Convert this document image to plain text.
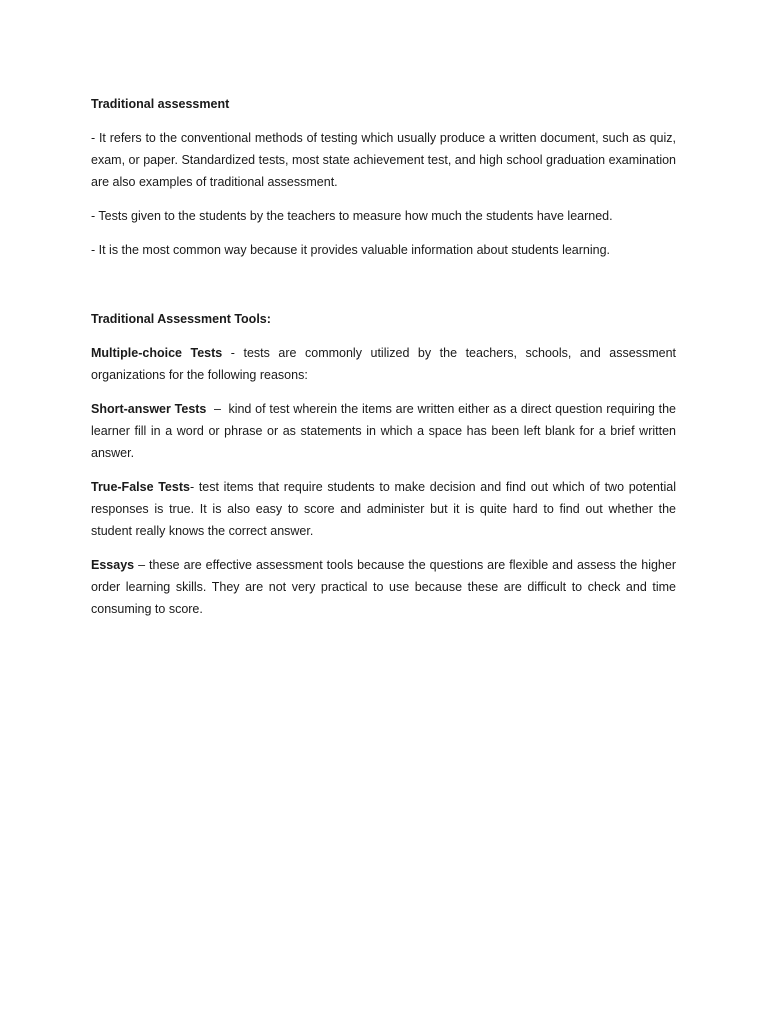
Traditional assessment

- It refers to the conventional methods of testing which usually produce a written document, such as quiz, exam, or paper. Standardized tests, most state achievement test, and high school graduation examination are also examples of traditional assessment.

- Tests given to the students by the teachers to measure how much the students have learned.

- It is the most common way because it provides valuable information about students learning.

Traditional Assessment Tools:

Multiple-choice Tests - tests are commonly utilized by the teachers, schools, and assessment organizations for the following reasons:

Short-answer Tests  –  kind of test wherein the items are written either as a direct question requiring the learner fill in a word or phrase or as statements in which a space has been left blank for a brief written answer.

True-False Tests- test items that require students to make decision and find out which of two potential responses is true. It is also easy to score and administer but it is quite hard to find out whether the student really knows the correct answer.

Essays – these are effective assessment tools because the questions are flexible and assess the higher order learning skills. They are not very practical to use because these are difficult to check and time consuming to score.
